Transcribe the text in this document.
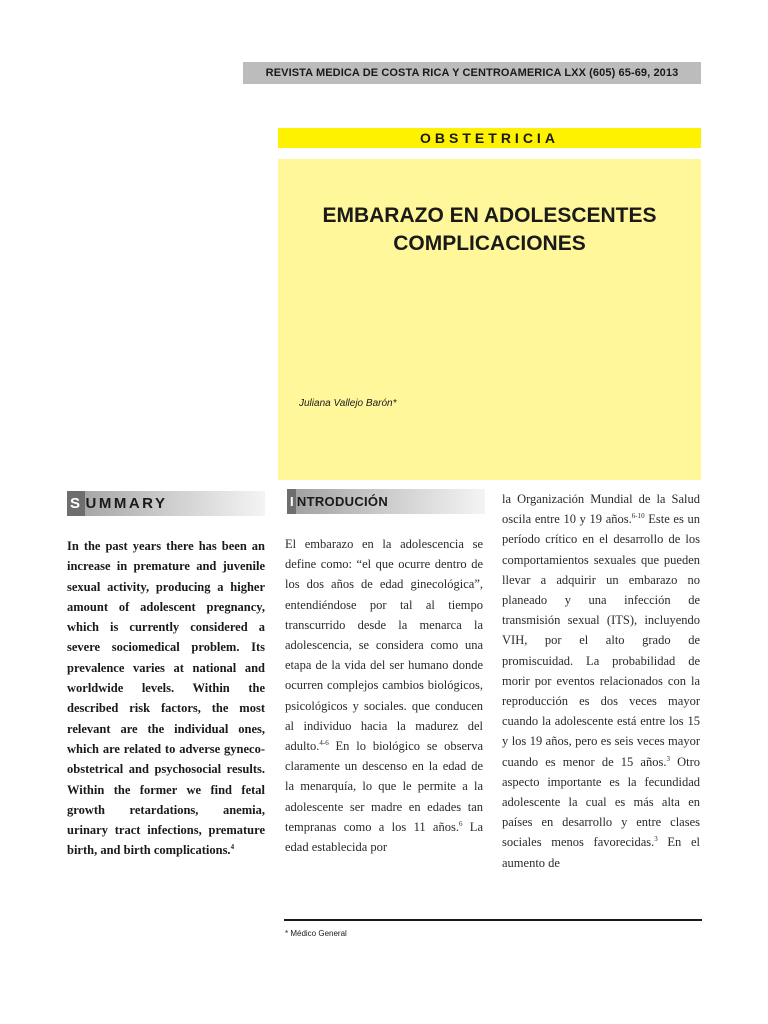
REVISTA MEDICA DE COSTA RICA Y CENTROAMERICA LXX (605) 65-69, 2013
OBSTETRICIA
EMBARAZO EN ADOLESCENTES
COMPLICACIONES
Juliana Vallejo Barón*
S UMMARY

In the past years there has been an increase in premature and juvenile sexual activity, producing a higher amount of adolescent pregnancy, which is currently considered a severe sociomedical problem. Its prevalence varies at national and worldwide levels. Within the described risk factors, the most relevant are the individual ones, which are related to adverse gyneco-obstetrical and psychosocial results. Within the former we find fetal growth retardations, anemia, urinary tract infections, premature birth, and birth complications.$^4$

I NTRODUCIÓN

El embarazo en la adolescencia se define como: “el que ocurre dentro de los dos años de edad ginecológica”, entendiéndose por tal al tiempo transcurrido desde la menarca la adolescencia, se considera como una etapa de la vida del ser humano donde ocurren complejos cambios biológicos, psicológicos y sociales. que conducen al individuo hacia la madurez del adulto.$^{4-6}$ En lo biológico se observa claramente un descenso en la edad de la menarquía, lo que le permite a la adolescente ser madre en edades tan tempranas como a los 11 años.$^6$ La edad establecida por

la Organización Mundial de la Salud oscila entre 10 y 19 años.$^{6-10}$ Este es un período crítico en el desarrollo de los comportamientos sexuales que pueden llevar a adquirir un embarazo no planeado y una infección de transmisión sexual (ITS), incluyendo VIH, por el alto grado de promiscuidad. La probabilidad de morir por eventos relacionados con la reproducción es dos veces mayor cuando la adolescente está entre los 15 y los 19 años, pero es seis veces mayor cuando es menor de 15 años.$^3$ Otro aspecto importante es la fecundidad adolescente la cual es más alta en países en desarrollo y entre clases sociales menos favorecidas.$^3$ En el aumento de

* Médico General
